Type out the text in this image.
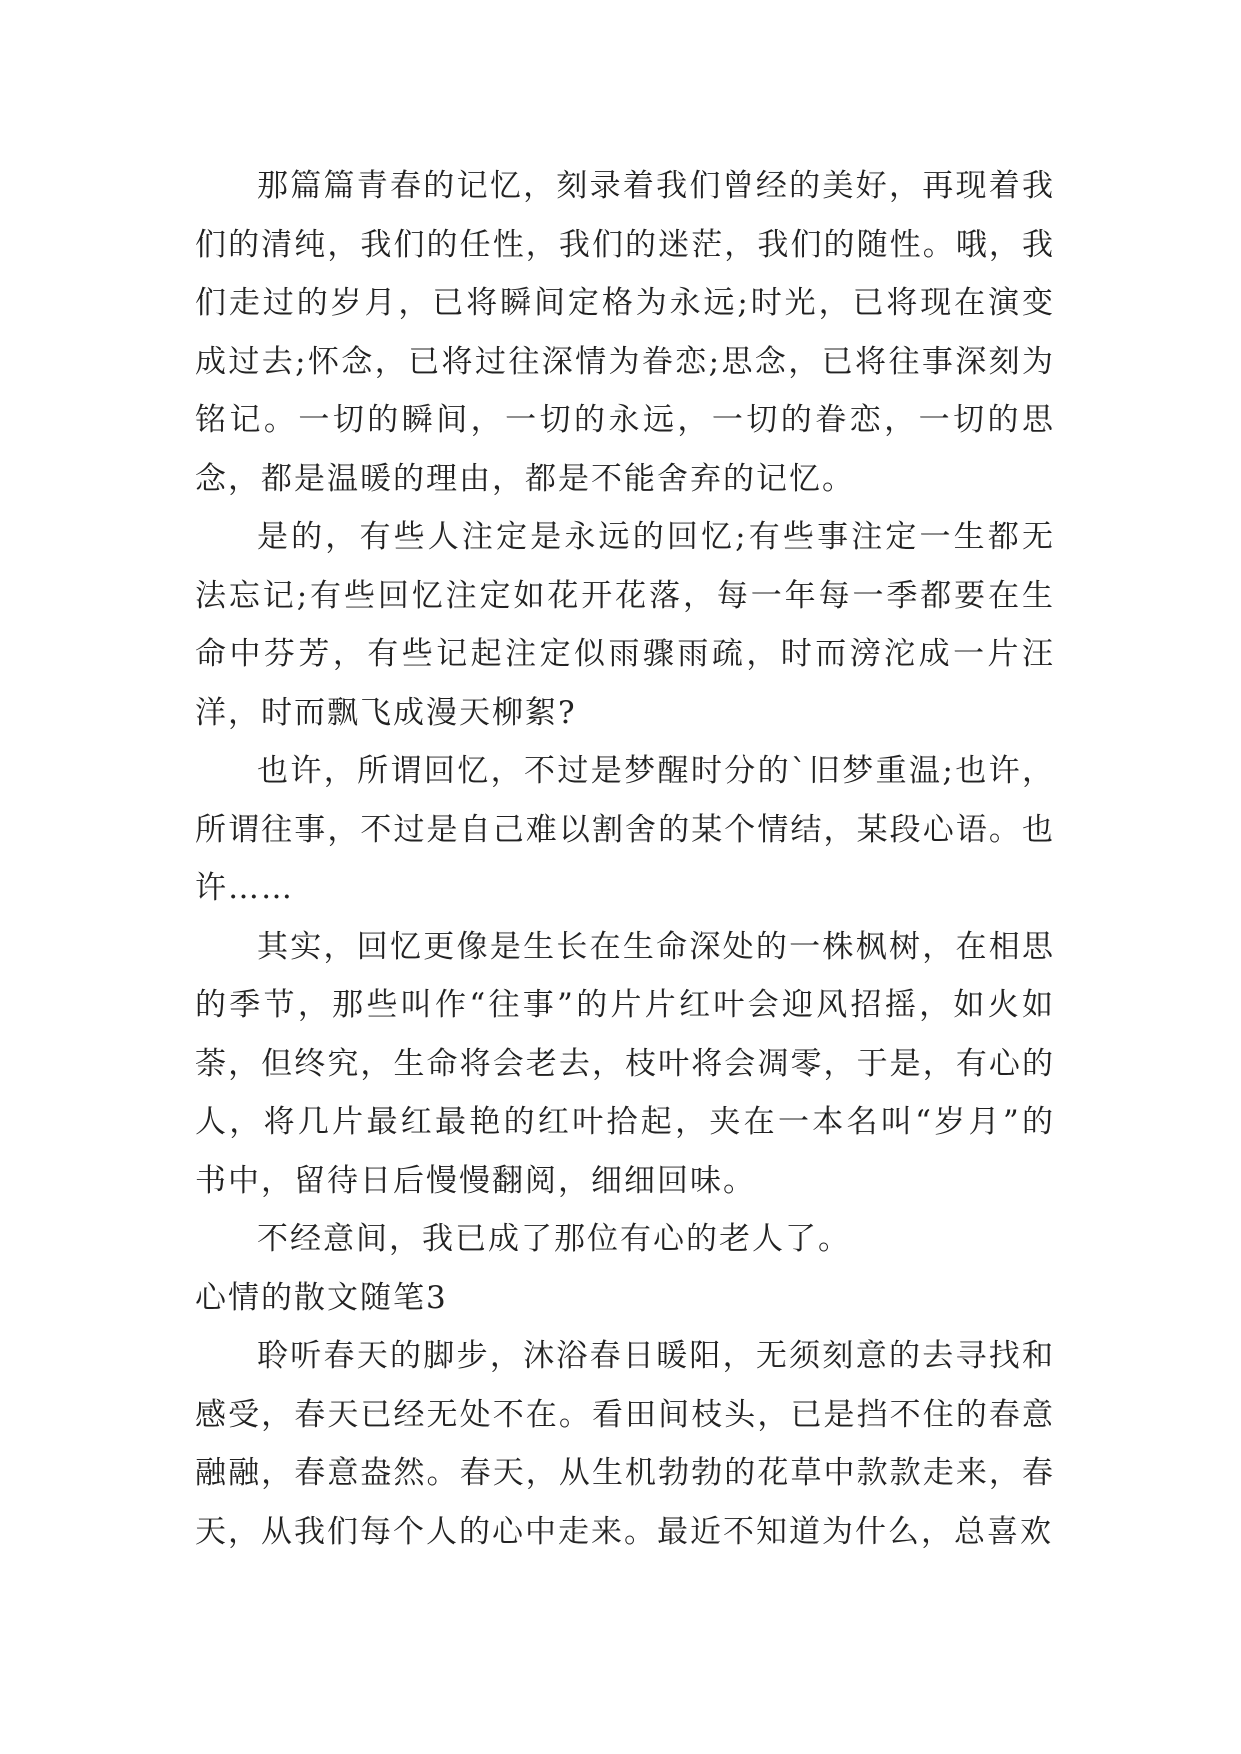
那篇篇青春的记忆，刻录着我们曾经的美好，再现着我们的清纯，我们的任性，我们的迷茫，我们的随性。哦，我们走过的岁月，已将瞬间定格为永远;时光，已将现在演变成过去;怀念，已将过往深情为眷恋;思念，已将往事深刻为铭记。一切的瞬间，一切的永远，一切的眷恋，一切的思念，都是温暖的理由，都是不能舍弃的记忆。

是的，有些人注定是永远的回忆;有些事注定一生都无法忘记;有些回忆注定如花开花落，每一年每一季都要在生命中芬芳，有些记起注定似雨骤雨疏，时而滂沱成一片汪洋，时而飘飞成漫天柳絮?

也许，所谓回忆，不过是梦醒时分的`旧梦重温;也许，所谓往事，不过是自己难以割舍的某个情结，某段心语。也许……

其实，回忆更像是生长在生命深处的一株枫树，在相思的季节，那些叫作“往事”的片片红叶会迎风招摇，如火如荼，但终究，生命将会老去，枝叶将会凋零，于是，有心的人，将几片最红最艳的红叶拾起，夹在一本名叫“岁月”的书中，留待日后慢慢翻阅，细细回味。

不经意间，我已成了那位有心的老人了。

心情的散文随笔3

聆听春天的脚步，沐浴春日暖阳，无须刻意的去寻找和感受，春天已经无处不在。看田间枝头，已是挡不住的春意融融，春意盎然。春天，从生机勃勃的花草中款款走来，春天，从我们每个人的心中走来。最近不知道为什么，总喜欢
